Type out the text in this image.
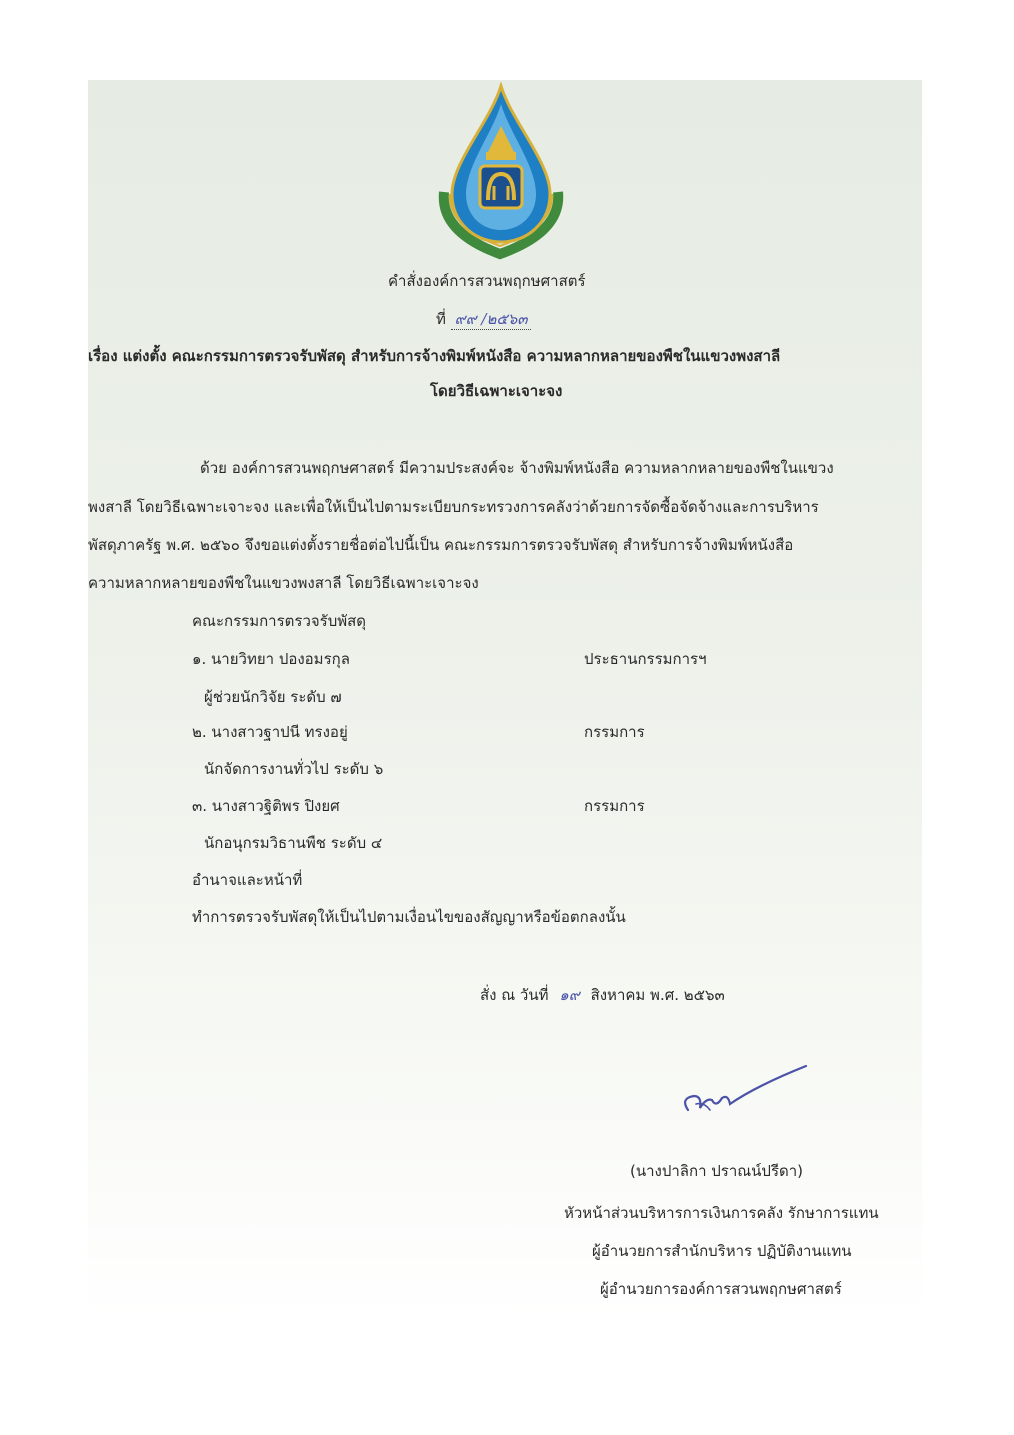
คำสั่งองค์การสวนพฤกษศาสตร์
ที่ ๙๙ /๒๕๖๓
เรื่อง แต่งตั้ง คณะกรรมการตรวจรับพัสดุ สำหรับการจ้างพิมพ์หนังสือ ความหลากหลายของพืชในแขวงพงสาลี
โดยวิธีเฉพาะเจาะจง
ด้วย องค์การสวนพฤกษศาสตร์ มีความประสงค์จะ จ้างพิมพ์หนังสือ ความหลากหลายของพืชในแขวง
พงสาลี โดยวิธีเฉพาะเจาะจง และเพื่อให้เป็นไปตามระเบียบกระทรวงการคลังว่าด้วยการจัดซื้อจัดจ้างและการบริหาร
พัสดุภาครัฐ พ.ศ. ๒๕๖๐ จึงขอแต่งตั้งรายชื่อต่อไปนี้เป็น คณะกรรมการตรวจรับพัสดุ สำหรับการจ้างพิมพ์หนังสือ
ความหลากหลายของพืชในแขวงพงสาลี โดยวิธีเฉพาะเจาะจง
คณะกรรมการตรวจรับพัสดุ
๑. นายวิทยา ปองอมรกุล	ประธานกรรมการฯ
ผู้ช่วยนักวิจัย ระดับ ๗
๒. นางสาวฐาปนี ทรงอยู่	กรรมการ
นักจัดการงานทั่วไป ระดับ ๖
๓. นางสาวฐิติพร ปิงยศ	กรรมการ
นักอนุกรมวิธานพืช ระดับ ๔
อำนาจและหน้าที่
ทำการตรวจรับพัสดุให้เป็นไปตามเงื่อนไขของสัญญาหรือข้อตกลงนั้น
สั่ง ณ วันที่ ๑๙ สิงหาคม พ.ศ. ๒๕๖๓
(นางปาลิกา ปราณน์ปรีดา)
หัวหน้าส่วนบริหารการเงินการคลัง รักษาการแทน
ผู้อำนวยการสำนักบริหาร ปฏิบัติงานแทน
ผู้อำนวยการองค์การสวนพฤกษศาสตร์
